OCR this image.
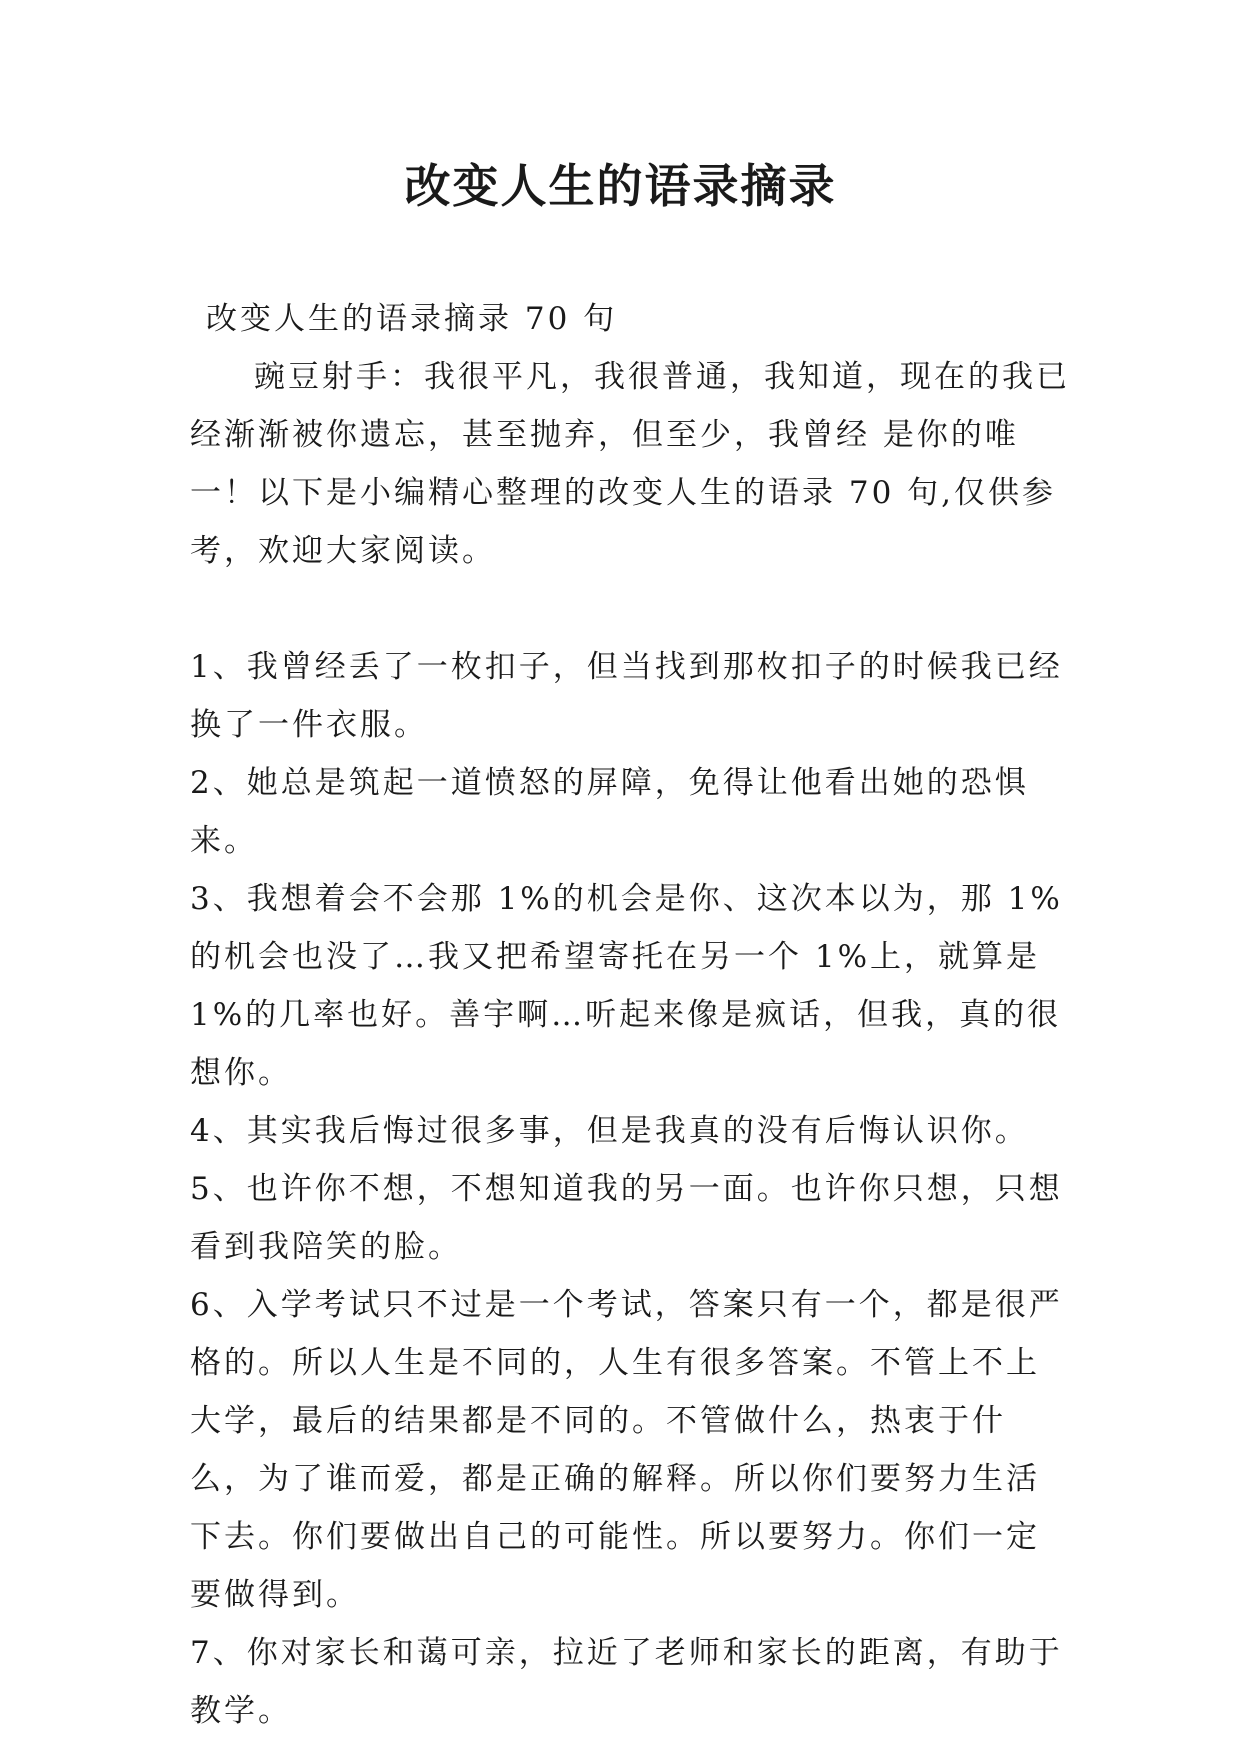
改变人生的语录摘录

改变人生的语录摘录 70 句

豌豆射手：我很平凡，我很普通，我知道，现在的我已经渐渐被你遗忘，甚至抛弃，但至少，我曾经 是你的唯一！以下是小编精心整理的改变人生的语录 70 句,仅供参考，欢迎大家阅读。

1、我曾经丢了一枚扣子，但当找到那枚扣子的时候我已经换了一件衣服。
2、她总是筑起一道愤怒的屏障，免得让他看出她的恐惧来。
3、我想着会不会那 1%的机会是你、这次本以为，那 1%的机会也没了…我又把希望寄托在另一个 1%上，就算是 1%的几率也好。善宇啊…听起来像是疯话，但我，真的很想你。
4、其实我后悔过很多事，但是我真的没有后悔认识你。
5、也许你不想，不想知道我的另一面。也许你只想，只想看到我陪笑的脸。
6、入学考试只不过是一个考试，答案只有一个，都是很严格的。所以人生是不同的，人生有很多答案。不管上不上大学，最后的结果都是不同的。不管做什么，热衷于什么，为了谁而爱，都是正确的解释。所以你们要努力生活下去。你们要做出自己的可能性。所以要努力。你们一定要做得到。
7、你对家长和蔼可亲，拉近了老师和家长的距离，有助于教学。
